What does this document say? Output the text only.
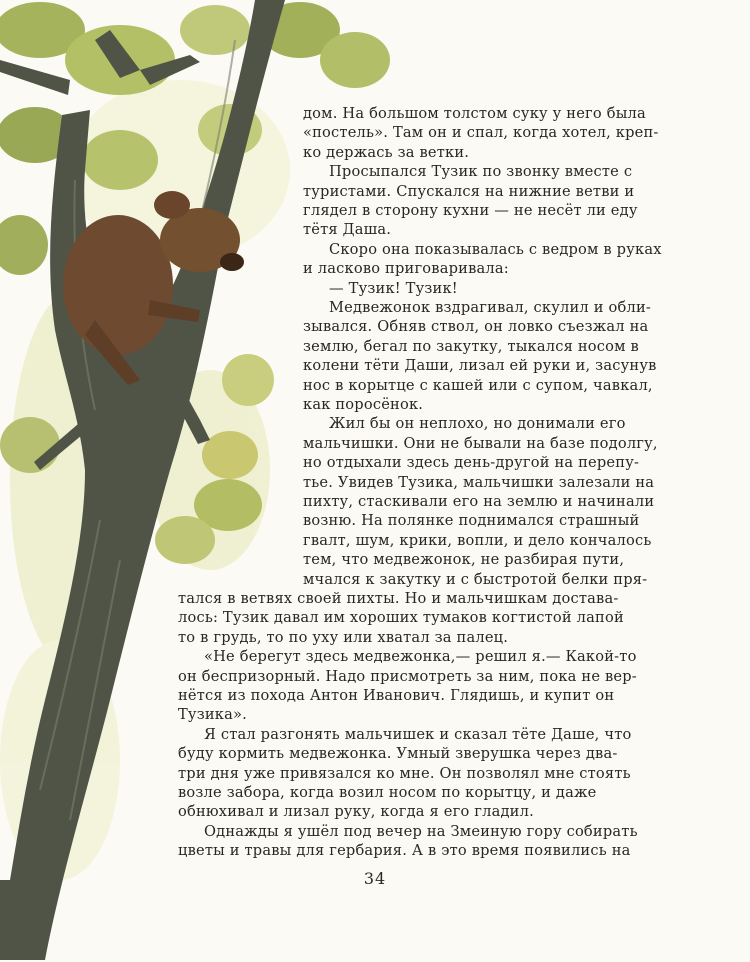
дом. На большом толстом суку у него была

«постель». Там он и спал, когда хотел, креп-

ко держась за ветки.

Просыпался Тузик по звонку вместе с

туристами. Спускался на нижние ветви и

глядел в сторону кухни — не несёт ли еду

тётя Даша.

Скоро она показывалась с ведром в руках

и ласково приговаривала:

— Тузик! Тузик!

Медвежонок вздрагивал, скулил и обли-

зывался. Обняв ствол, он ловко съезжал на

землю, бегал по закутку, тыкался носом в

колени тёти Даши, лизал ей руки и, засунув

нос в корытце с кашей или с супом, чавкал,

как поросёнок.

Жил бы он неплохо, но донимали его

мальчишки. Они не бывали на базе подолгу,

но отдыхали здесь день-другой на перепу-

тье. Увидев Тузика, мальчишки залезали на

пихту, стаскивали его на землю и начинали

возню. На полянке поднимался страшный

гвалт, шум, крики, вопли, и дело кончалось

тем, что медвежонок, не разбирая пути,

мчался к закутку и с быстротой белки пря-

тался в ветвях своей пихты. Но и мальчишкам доставa-

лось: Тузик давал им хороших тумаков когтистой лапой

то в грудь, то по уху или хватал за палец.

«Не берегут здесь медвежонка,— решил я.— Какой-то

он беспризорный. Надо присмотреть за ним, пока не вер-

нётся из похода Антон Иванович. Глядишь, и купит он

Тузика».

Я стал разгонять мальчишек и сказал тёте Даше, что

буду кормить медвежонка. Умный зверушка через два-

три дня уже привязался ко мне. Он позволял мне стоять

возле забора, когда возил носом по корытцу, и даже

обнюхивал и лизал руку, когда я его гладил.

Однажды я ушёл под вечер на Змеиную гору собирать

цветы и травы для гербария. А в это время появились на

34
